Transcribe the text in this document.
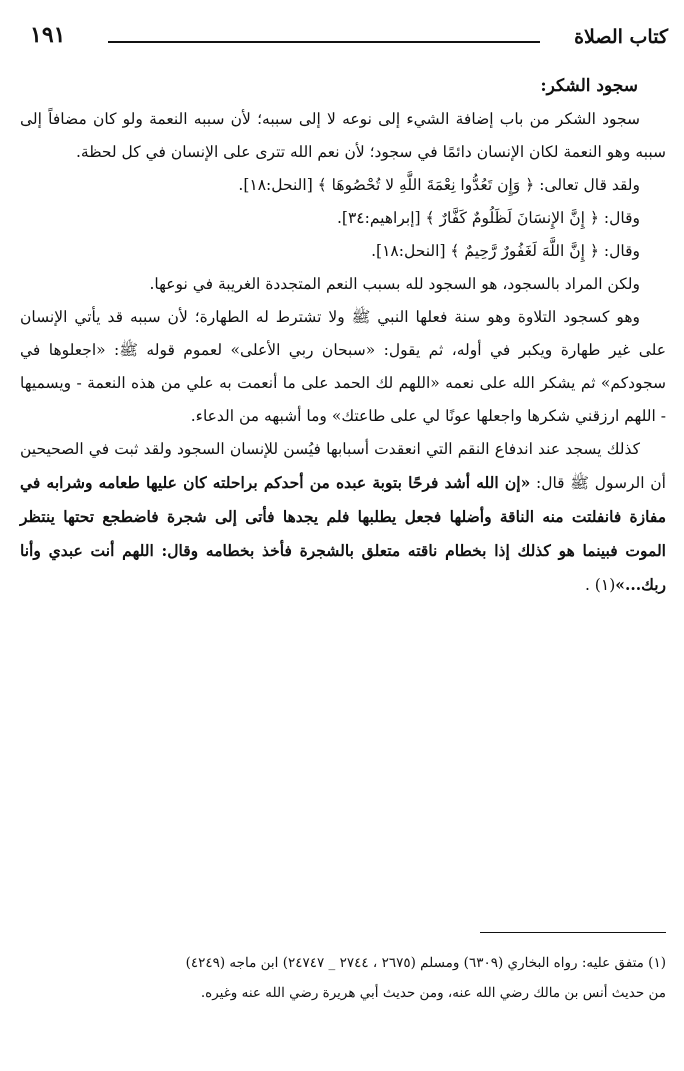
كتاب الصلاة
١٩١

سجود الشكر:

سجود الشكر من باب إضافة الشيء إلى نوعه لا إلى سببه؛ لأن سببه النعمة ولو كان مضافاً إلى سببه وهو النعمة لكان الإنسان دائمًا في سجود؛ لأن نعم الله تترى على الإنسان في كل لحظة.

ولقد قال تعالى: ﴿ وَإِن تَعُدُّوا نِعْمَةَ اللَّهِ لا تُحْصُوهَا ﴾ [النحل:١٨].

وقال: ﴿ إِنَّ الإِنسَانَ لَظَلُومٌ كَفَّارٌ ﴾ [إبراهيم:٣٤].

وقال: ﴿ إِنَّ اللَّهَ لَغَفُورٌ رَّحِيمٌ ﴾ [النحل:١٨].

ولكن المراد بالسجود، هو السجود لله بسبب النعم المتجددة الغريبة في نوعها.

وهو كسجود التلاوة وهو سنة فعلها النبي ﷺ ولا تشترط له الطهارة؛ لأن سببه قد يأتي الإنسان على غير طهارة ويكبر في أوله، ثم يقول: «سبحان ربي الأعلى» لعموم قوله ﷺ: «اجعلوها في سجودكم» ثم يشكر الله على نعمه «اللهم لك الحمد على ما أنعمت به علي من هذه النعمة - ويسميها - اللهم ارزقني شكرها واجعلها عونًا لي على طاعتك» وما أشبهه من الدعاء.

كذلك يسجد عند اندفاع النقم التي انعقدت أسبابها فيُسن للإنسان السجود ولقد ثبت في الصحيحين أن الرسول ﷺ قال: «إن الله أشد فرحًا بتوبة عبده من أحدكم براحلته كان عليها طعامه وشرابه في مفازة فانفلتت منه الناقة وأضلها فجعل يطلبها فلم يجدها فأتى إلى شجرة فاضطجع تحتها ينتظر الموت فبينما هو كذلك إذا بخطام ناقته متعلق بالشجرة فأخذ بخطامه وقال: اللهم أنت عبدي وأنا ربك...»(١) .

(١) متفق عليه: رواه البخاري (٦٣٠٩) ومسلم (٢٦٧٥ ، ٢٧٤٤ _ ٢٤٧٤٧) ابن ماجه (٤٢٤٩)

من حديث أنس بن مالك رضي الله عنه، ومن حديث أبي هريرة رضي الله عنه وغيره.
